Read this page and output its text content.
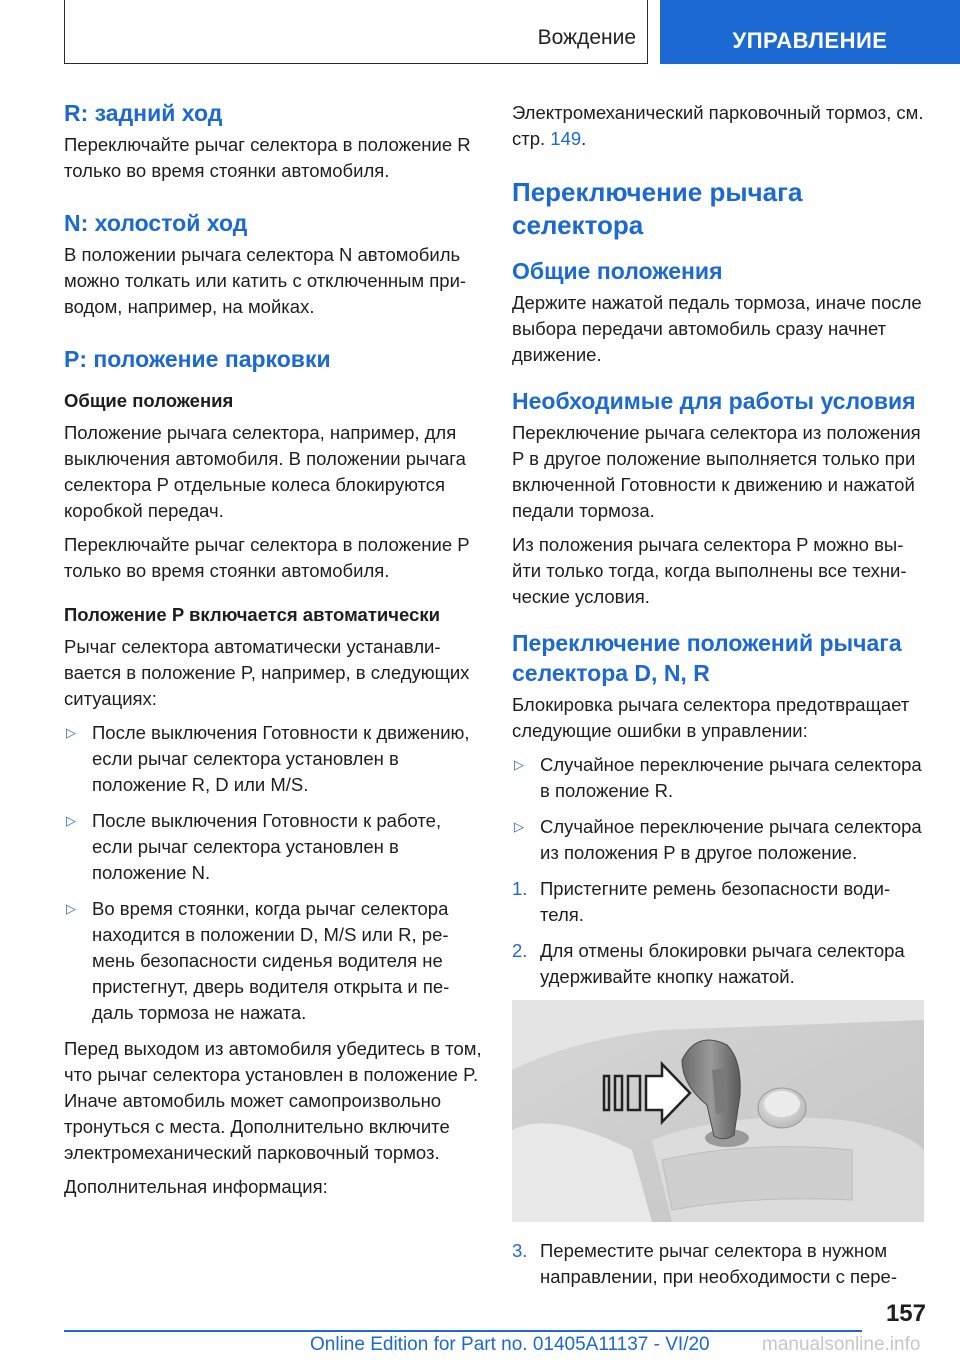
Вождение	УПРАВЛЕНИЕ
R: задний ход

Переключайте рычаг селектора в положение R только во время стоянки автомобиля.

N: холостой ход

В положении рычага селектора N автомобиль можно толкать или катить с отключенным приводом, например, на мойках.

P: положение парковки
Общие положения

Положение рычага селектора, например, для выключения автомобиля. В положении рычага селектора P отдельные колеса блокируются коробкой передач.

Переключайте рычаг селектора в положение P только во время стоянки автомобиля.

Положение P включается автоматически

Рычаг селектора автоматически устанавливается в положение P, например, в следующих ситуациях:

▷ После выключения Готовности к движению, если рычаг селектора установлен в положение R, D или M/S.
▷ После выключения Готовности к работе, если рычаг селектора установлен в положение N.
▷ Во время стоянки, когда рычаг селектора находится в положении D, M/S или R, ремень безопасности сиденья водителя не пристегнут, дверь водителя открыта и педаль тормоза не нажата.

Перед выходом из автомобиля убедитесь в том, что рычаг селектора установлен в положение P. Иначе автомобиль может самопроизвольно тронуться с места. Дополнительно включите электромеханический парковочный тормоз.

Дополнительная информация:

Электромеханический парковочный тормоз, см. стр. 149.

Переключение рычага селектора
Общие положения

Держите нажатой педаль тормоза, иначе после выбора передачи автомобиль сразу начнет движение.

Необходимые для работы условия

Переключение рычага селектора из положения P в другое положение выполняется только при включенной Готовности к движению и нажатой педали тормоза.

Из положения рычага селектора P можно выйти только тогда, когда выполнены все технические условия.

Переключение положений рычага селектора D, N, R

Блокировка рычага селектора предотвращает следующие ошибки в управлении:

▷ Случайное переключение рычага селектора в положение R.
▷ Случайное переключение рычага селектора из положения P в другое положение.
1. Пристегните ремень безопасности водителя.
2. Для отмены блокировки рычага селектора удерживайте кнопку нажатой.
3. Переместите рычаг селектора в нужном направлении, при необходимости с пере-
157
Online Edition for Part no. 01405A11137 - VI/20	manualsonline.info
